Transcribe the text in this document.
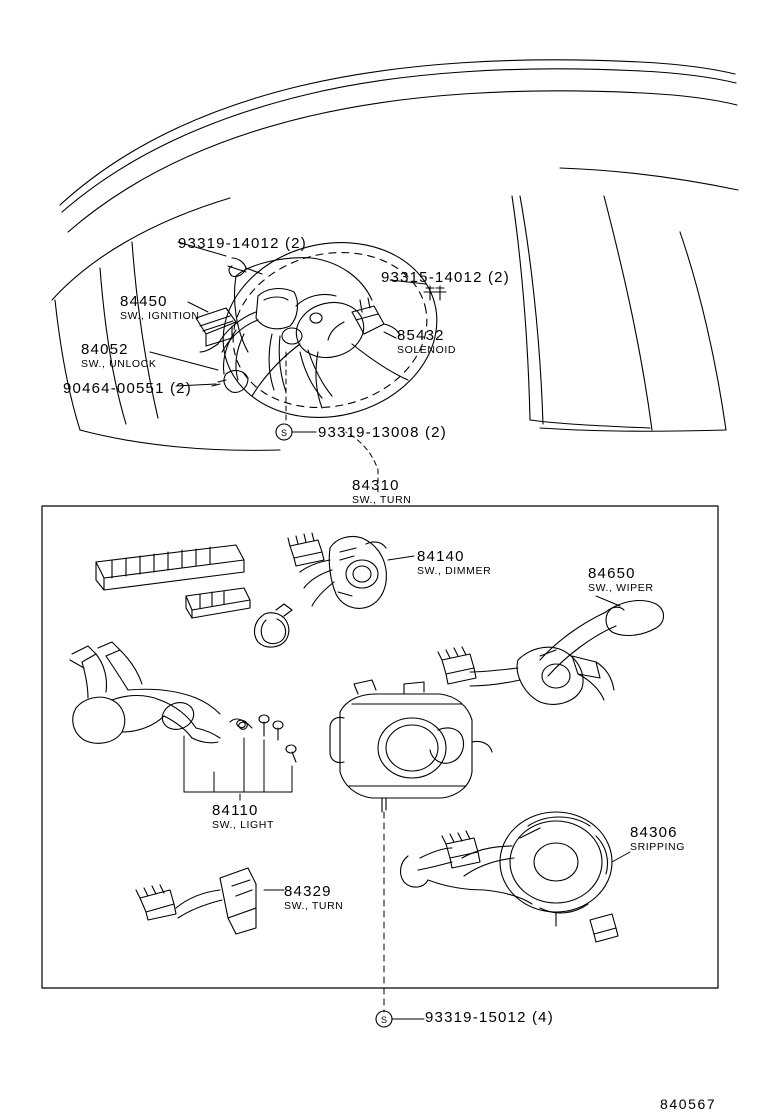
S
S
93319-14012 (2)
93315-14012 (2)
84450
SW., IGNITION
85432
SOLENOID
84052
SW., UNLOCK
90464-00551 (2)
93319-13008 (2)
84310
SW., TURN
84140
SW., DIMMER	84650
SW., WIPER
84110
SW., LIGHT	84306
SRIPPING
84329
SW., TURN
93319-15012 (4)
840567
